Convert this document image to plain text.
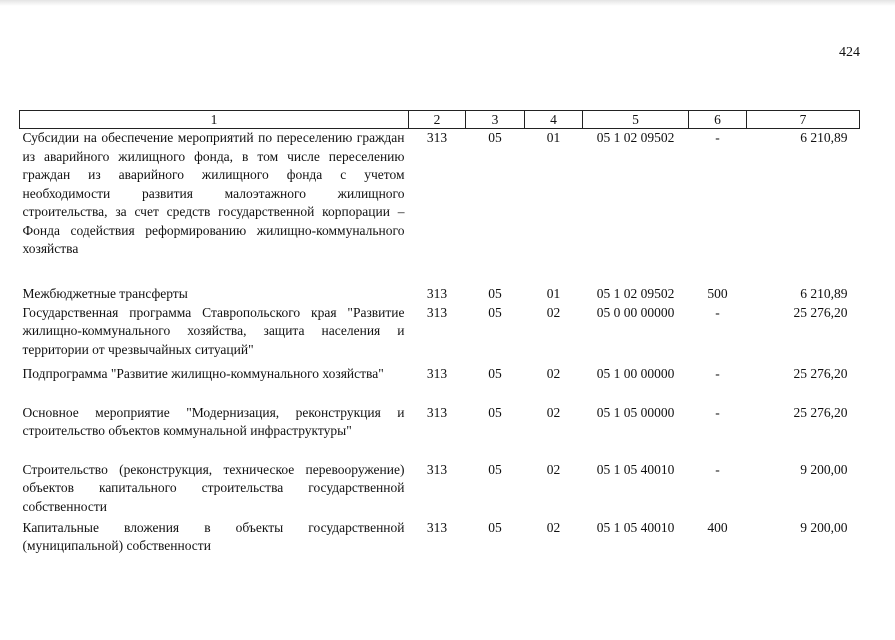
424
1	2	3	4	5	6	7
Субсидии на обеспечение мероприятий по переселению граждан из аварийного жилищного фонда, в том числе переселению граждан из аварийного жилищного фонда с учетом необходимости развития малоэтажного жилищного строительства, за счет средств государственной корпорации – Фонда содействия реформированию жилищно-коммунального хозяйства	313	05	01	05 1 02 09502	-	6 210,89
Межбюджетные трансферты	313	05	01	05 1 02 09502	500	6 210,89
Государственная программа Ставропольского края "Развитие жилищно-коммунального хозяйства, защита населения и территории от чрезвычайных ситуаций"	313	05	02	05 0 00 00000	-	25 276,20
Подпрограмма "Развитие жилищно-коммунального хозяйства"	313	05	02	05 1 00 00000	-	25 276,20
Основное мероприятие "Модернизация, реконструкция и строительство объектов коммунальной инфраструктуры"	313	05	02	05 1 05 00000	-	25 276,20
Строительство (реконструкция, техническое перевооружение) объектов капитального строительства государственной собственности	313	05	02	05 1 05 40010	-	9 200,00
Капитальные вложения в объекты государственной (муниципальной) собственности	313	05	02	05 1 05 40010	400	9 200,00
